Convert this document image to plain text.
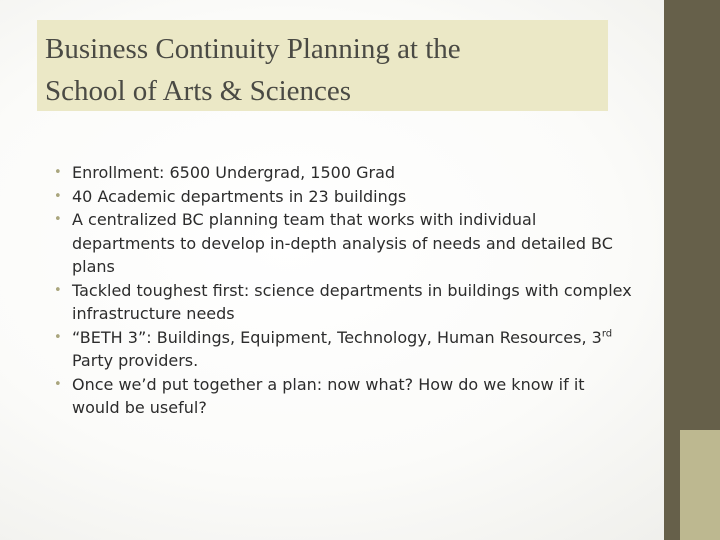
Business Continuity Planning at the
School of Arts & Sciences
• Enrollment: 6500 Undergrad, 1500 Grad
• 40 Academic departments in 23 buildings
• A centralized BC planning team that works with individual departments to develop in-depth analysis of needs and detailed BC plans
• Tackled toughest first: science departments in buildings with complex infrastructure needs
• “BETH 3”: Buildings, Equipment, Technology, Human Resources, 3rd Party providers.
• Once we’d put together a plan: now what? How do we know if it would be useful?
